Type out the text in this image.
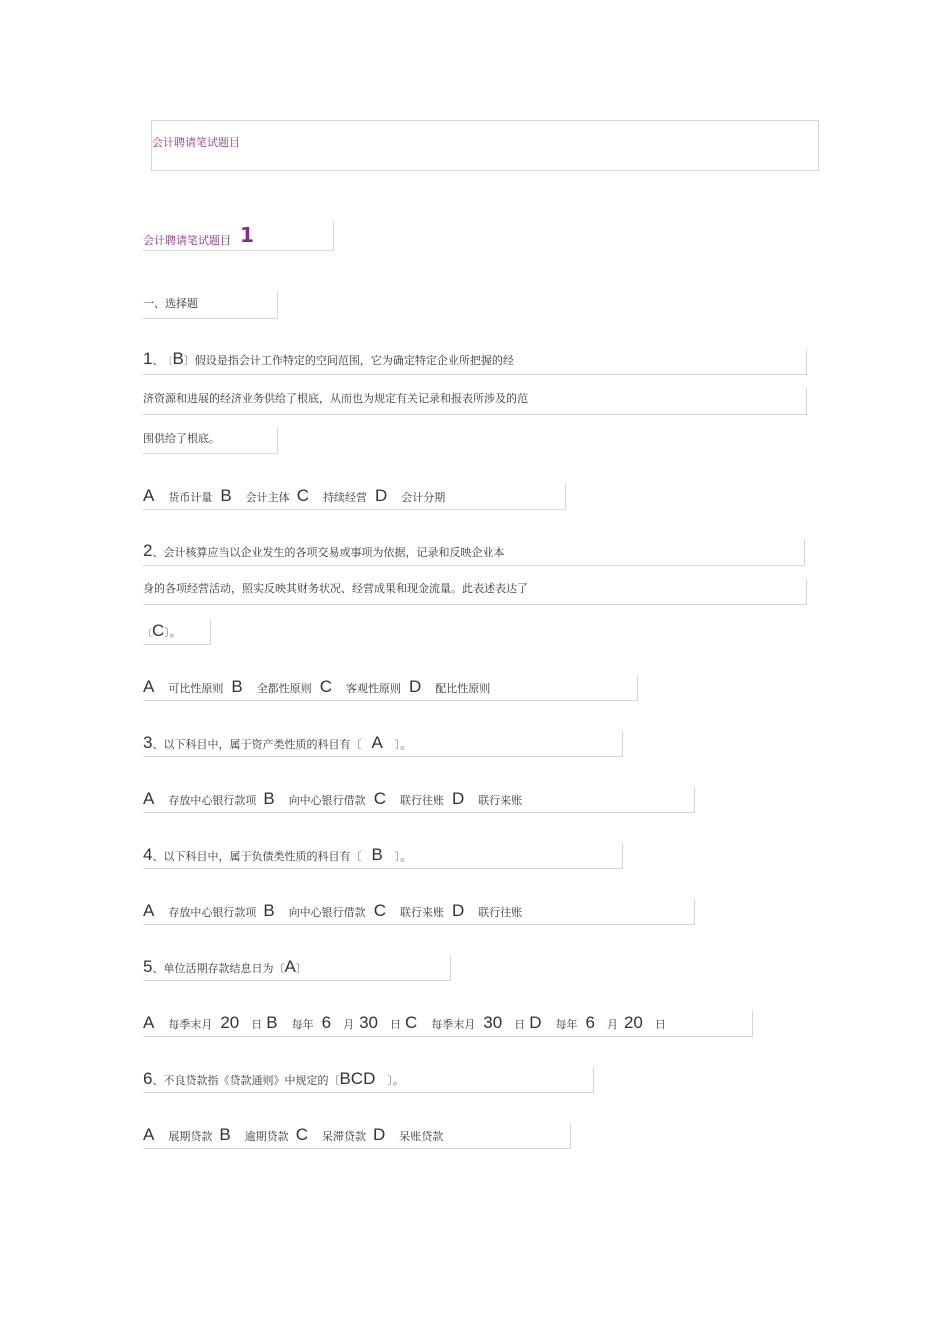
会计聘请笔试题目
会计聘请笔试题目 1
一、选择题
1 、 〔 B 〕假设是指会计工作特定的空间范围，它为确定特定企业所把握的经
济资源和进展的经济业务供给了根底，从而也为规定有关记录和报表所涉及的范
围供给了根底。
A 货币计量 B 会计主体 C 持续经营 D 会计分期
2 、会计核算应当以企业发生的各项交易或事项为依据，记录和反映企业本
身的各项经营活动，照实反映其财务状况、经营成果和现金流量。此表述表达了
〔 C 〕。
A 可比性原则 B 全都性原则 C 客观性原则 D 配比性原则
3 、以下科目中，属于资产类性质的科目有〔 A 〕。
A 存放中心银行款项 B 向中心银行借款 C 联行往账 D 联行来账
4 、以下科目中，属于负债类性质的科目有〔 B 〕。
A 存放中心银行款项 B 向中心银行借款 C 联行来账 D 联行往账
5 、单位活期存款结息日为〔 A 〕
A 每季末月 20 日 B 每年 6 月 30 日 C 每季末月 30 日 D 每年 6 月 20 日
6 、不良贷款指《贷款通则》中规定的〔 BCD 〕。
A 展期贷款 B 逾期贷款 C 呆滞贷款 D 呆账贷款
